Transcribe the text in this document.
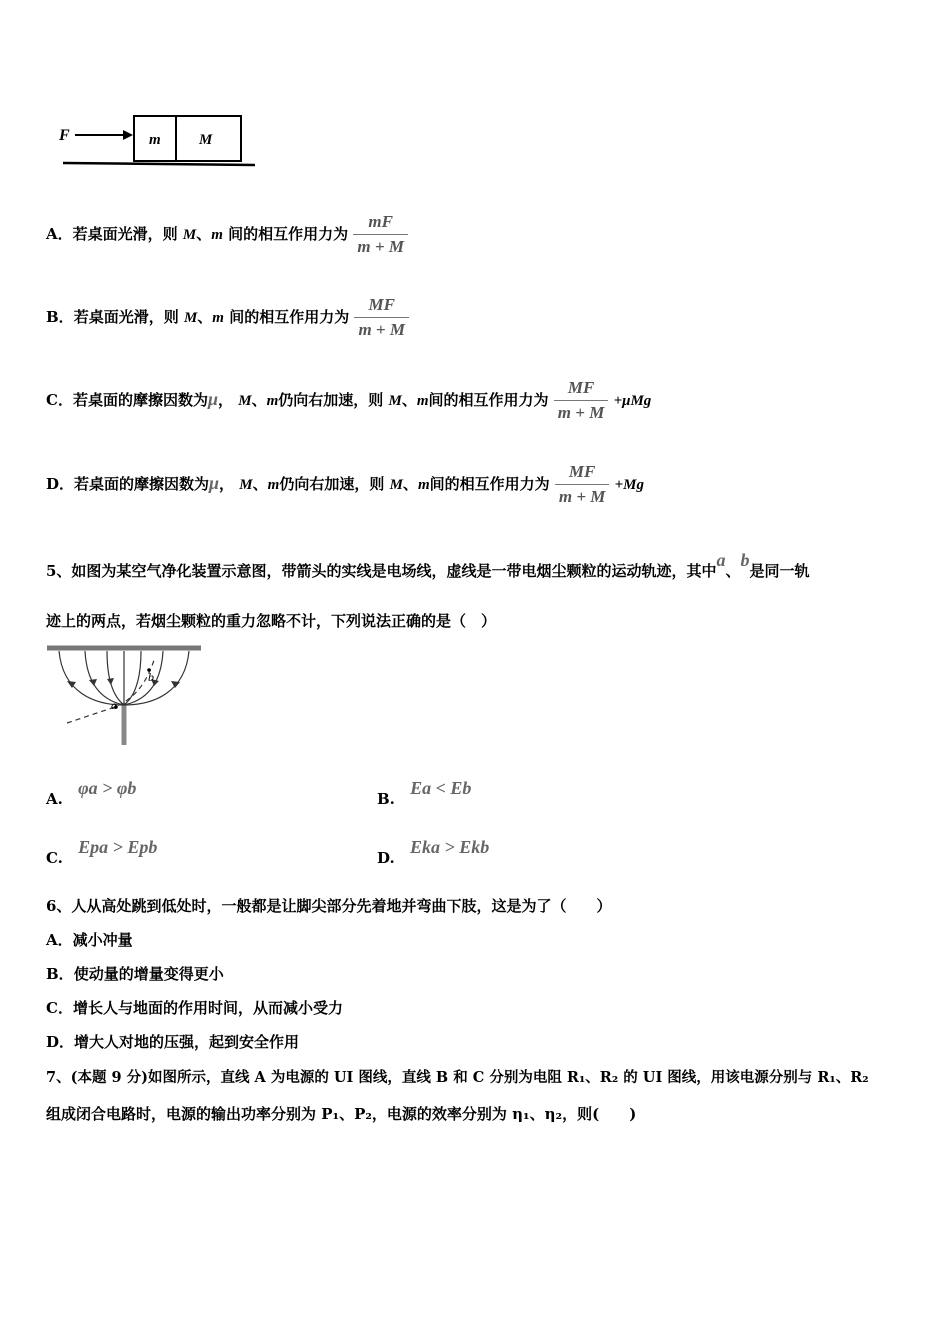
F	m	M
A．若桌面光滑，则 M、m 间的相互作用力为 $\frac{mF}{m + M}$
B．若桌面光滑，则 M、m 间的相互作用力为 $\frac{MF}{m + M}$
C．若桌面的摩擦因数为μ， M、m仍向右加速，则 M、m间的相互作用力为 $\frac{MF}{m + M} +\mu Mg$
D．若桌面的摩擦因数为μ， M、m仍向右加速，则 M、m间的相互作用力为 $\frac{MF}{m + M} +Mg$
5、如图为某空气净化装置示意图，带箭头的实线是电场线，虚线是一带电烟尘颗粒的运动轨迹，其中a、b是同一轨
迹上的两点，若烟尘颗粒的重力忽略不计，下列说法正确的是（　）
a
b
A. φa > φb
B. Ea < Eb
C. Epa > Epb
D. Eka > Ekb
6、人从高处跳到低处时，一般都是让脚尖部分先着地并弯曲下肢，这是为了（　　）
A．减小冲量
B．使动量的增量变得更小
C．增长人与地面的作用时间，从而减小受力
D．增大人对地的压强，起到安全作用
7、(本题 9 分)如图所示，直线 A 为电源的 UI 图线，直线 B 和 C 分别为电阻 R₁、R₂ 的 UI 图线，用该电源分别与 R₁、R₂
组成闭合电路时，电源的输出功率分别为 P₁、P₂，电源的效率分别为 η₁、η₂，则(　　)
